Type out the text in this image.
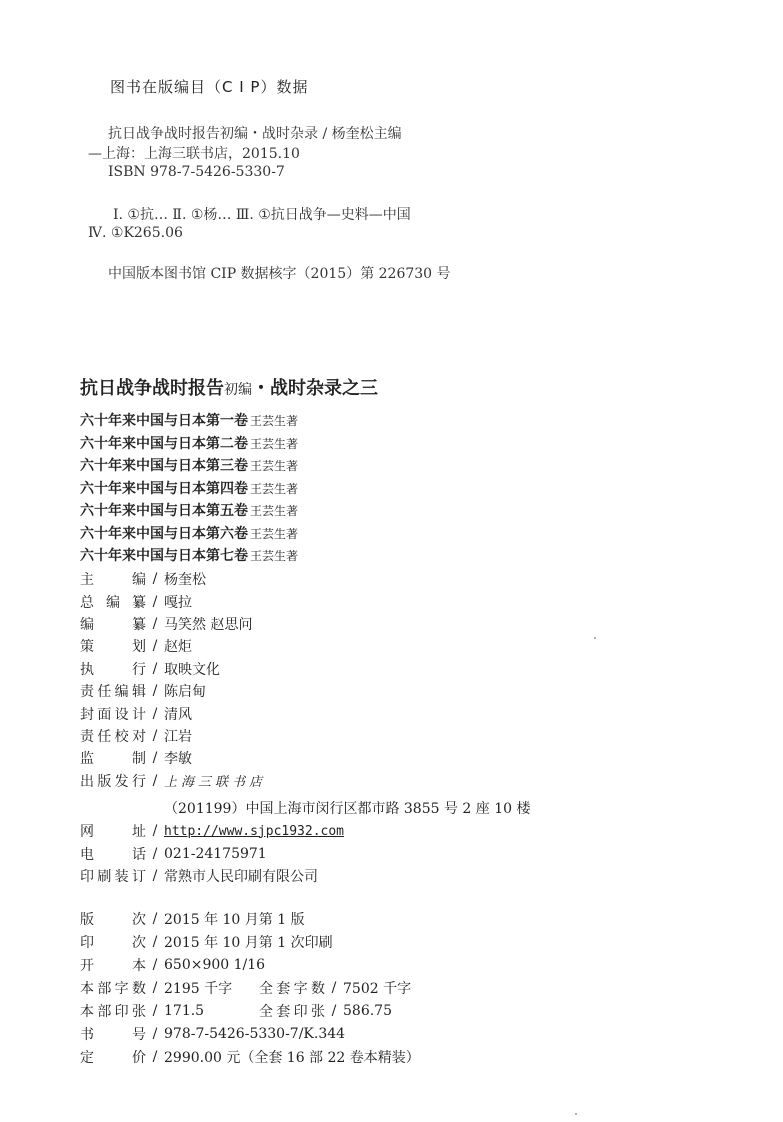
图书在版编目（C I P）数据
抗日战争战时报告初编・战时杂录 / 杨奎松主编
—上海：上海三联书店，2015.10
ISBN 978-7-5426-5330-7
Ⅰ. ①抗… Ⅱ. ①杨… Ⅲ. ①抗日战争—史料—中国
Ⅳ. ①K265.06
中国版本图书馆 CIP 数据核字（2015）第 226730 号
抗日战争战时报告初编・战时杂录之三
六十年来中国与日本第一卷 王芸生著
六十年来中国与日本第二卷 王芸生著
六十年来中国与日本第三卷 王芸生著
六十年来中国与日本第四卷 王芸生著
六十年来中国与日本第五卷 王芸生著
六十年来中国与日本第六卷 王芸生著
六十年来中国与日本第七卷 王芸生著
主	编 / 杨奎松
总 编 纂 / 嘎拉
编	纂 / 马笑然 赵思问
策	划 / 赵炬
执	行 / 取映文化
责 任 编 辑 / 陈启甸
封 面 设 计 / 清风
责 任 校 对 / 江岩
监	制 / 李敏
出 版 发 行 / 上海三联书店
（201199）中国上海市闵行区都市路 3855 号 2 座 10 楼
网	址 / http://www.sjpc1932.com
电	话 / 021-24175971
印 刷 装 订 / 常熟市人民印刷有限公司
版	次 / 2015 年 10 月第 1 版
印	次 / 2015 年 10 月第 1 次印刷
开	本 / 650×900 1/16
本 部 字 数 / 2195 千字	全 套 字 数 / 7502 千字
本 部 印 张 / 171.5	全 套 印 张 / 586.75
书	号 / 978-7-5426-5330-7/K.344
定	价 / 2990.00 元（全套 16 部 22 卷本精装）
